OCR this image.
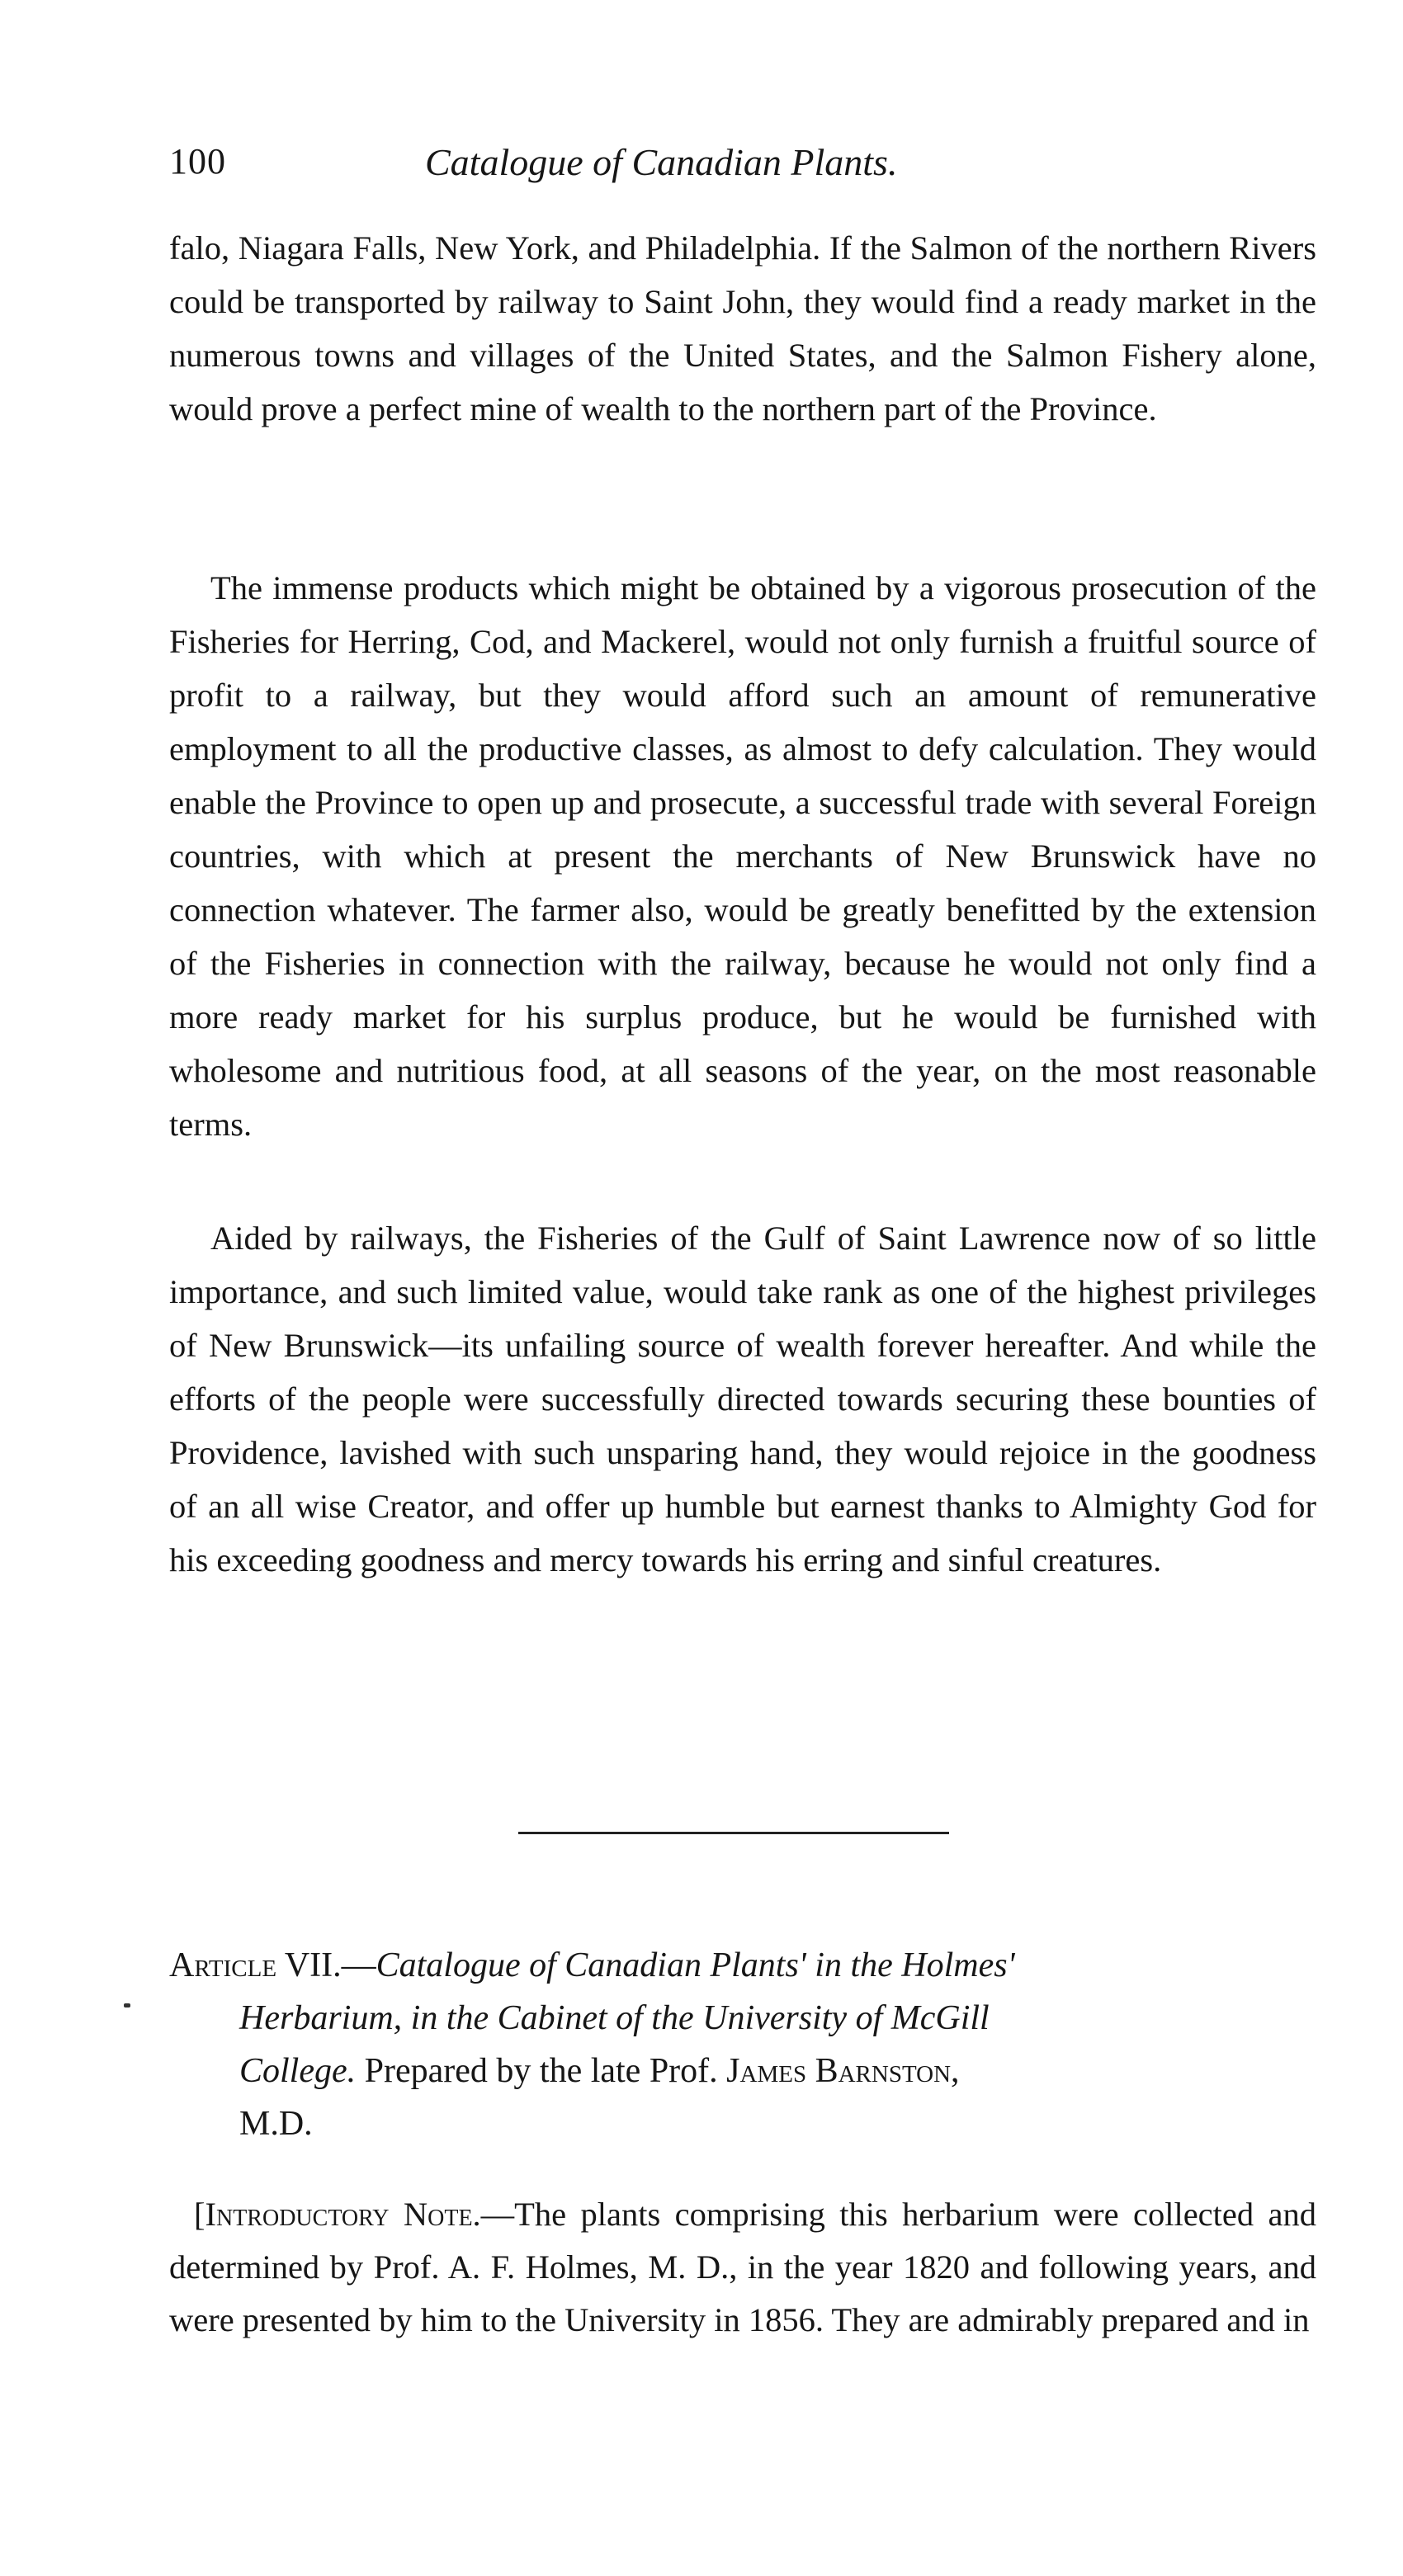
100	Catalogue of Canadian Plants.

falo, Niagara Falls, New York, and Philadelphia. If the Salmon of the northern Rivers could be transported by railway to Saint John, they would find a ready market in the numerous towns and villages of the United States, and the Salmon Fishery alone, would prove a perfect mine of wealth to the northern part of the Province.

The immense products which might be obtained by a vigorous prosecution of the Fisheries for Herring, Cod, and Mackerel, would not only furnish a fruitful source of profit to a railway, but they would afford such an amount of remunerative employment to all the productive classes, as almost to defy calculation. They would enable the Province to open up and prosecute, a successful trade with several Foreign countries, with which at present the merchants of New Brunswick have no connection whatever. The farmer also, would be greatly benefitted by the extension of the Fisheries in connection with the railway, because he would not only find a more ready market for his surplus produce, but he would be furnished with wholesome and nutritious food, at all seasons of the year, on the most reasonable terms.

Aided by railways, the Fisheries of the Gulf of Saint Lawrence now of so little importance, and such limited value, would take rank as one of the highest privileges of New Brunswick—its unfailing source of wealth forever hereafter. And while the efforts of the people were successfully directed towards securing these bounties of Providence, lavished with such unsparing hand, they would rejoice in the goodness of an all wise Creator, and offer up humble but earnest thanks to Almighty God for his exceeding goodness and mercy towards his erring and sinful creatures.

Article VII.—Catalogue of Canadian Plants' in the Holmes'
Herbarium, in the Cabinet of the University of McGill
College. Prepared by the late Prof. James Barnston,
M.D.

[Introductory Note.—The plants comprising this herbarium were collected and determined by Prof. A. F. Holmes, M. D., in the year 1820 and following years, and were presented by him to the University in 1856. They are admirably prepared and in
